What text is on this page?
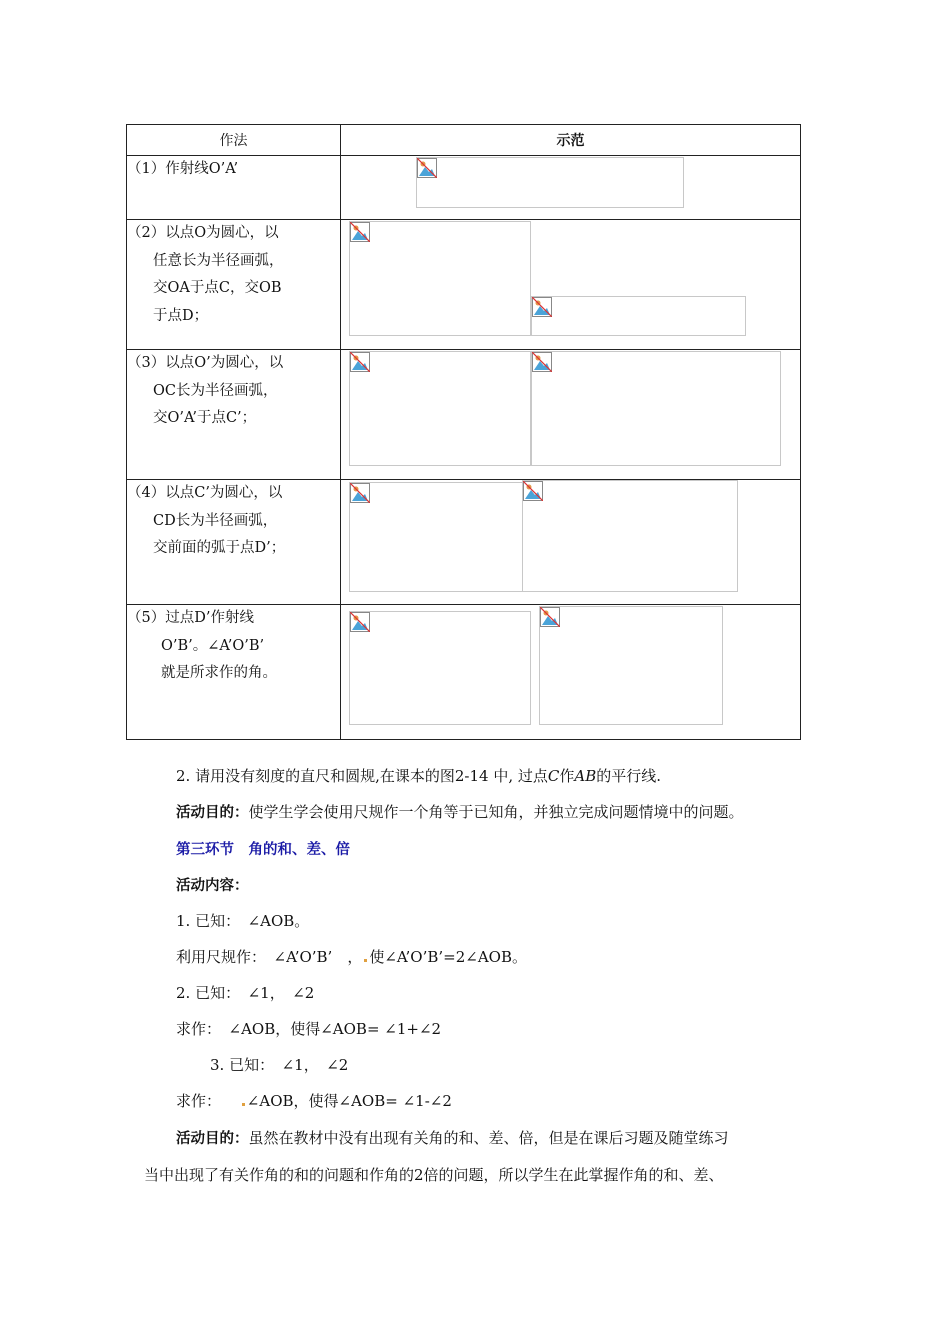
作法	示范

（1）作射线O’A’

（2）以点O为圆心，以
任意长为半径画弧，
交OA于点C，交OB
于点D；

（3）以点O’为圆心，以
OC长为半径画弧，
交O’A’于点C’；

（4）以点C’为圆心，以
CD长为半径画弧，
交前面的弧于点D’；

（5）过点D’作射线
O’B’。∠A’O’B’
就是所求作的角。

2. 请用没有刻度的直尺和圆规,在课本的图2-14 中, 过点C作AB的平行线.
活动目的：使学生学会使用尺规作一个角等于已知角，并独立完成问题情境中的问题。
第三环节　角的和、差、倍
活动内容：
1. 已知：　∠AOB。
利用尺规作：　∠A’O’B’　， 使∠A’O’B’=2∠AOB。
2. 已知：　∠1，　∠2
求作：　∠AOB，使得∠AOB= ∠1+∠2
3. 已知：　∠1，　∠2
求作： ∠AOB，使得∠AOB= ∠1-∠2
活动目的：虽然在教材中没有出现有关角的和、差、倍，但是在课后习题及随堂练习
当中出现了有关作角的和的问题和作角的2倍的问题，所以学生在此掌握作角的和、差、
